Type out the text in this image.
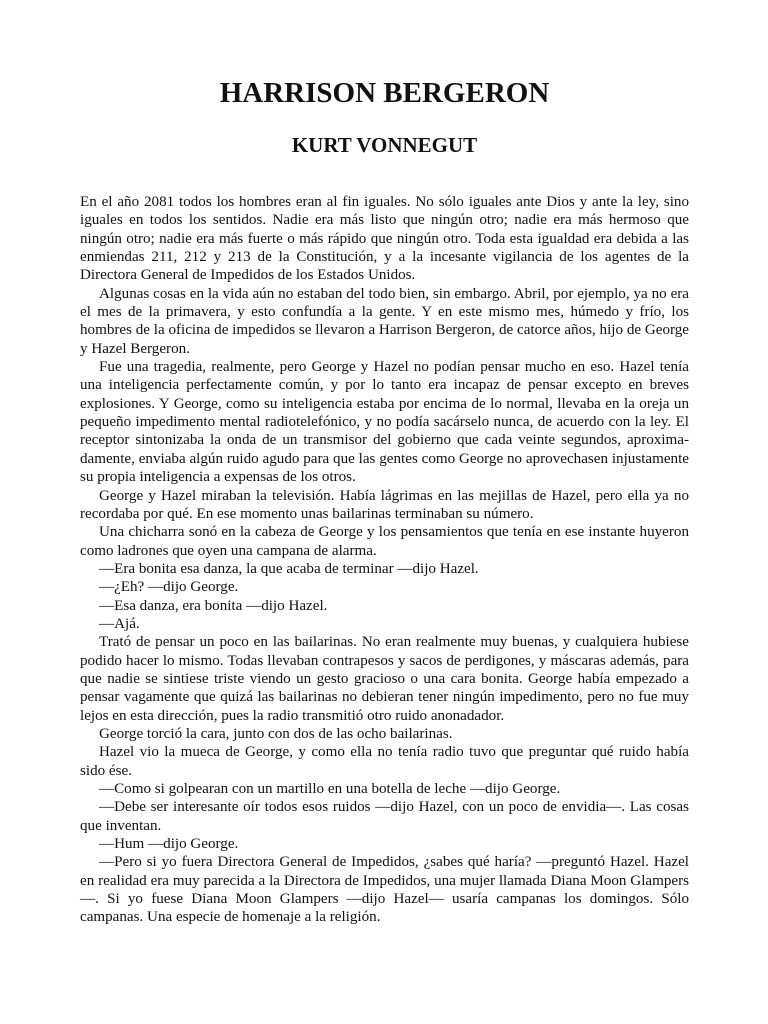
HARRISON BERGERON
KURT VONNEGUT

En el año 2081 todos los hombres eran al fin iguales. No sólo iguales ante Dios y ante la ley, sino iguales en todos los sentidos. Nadie era más listo que ningún otro; nadie era más hermoso que ningún otro; nadie era más fuerte o más rápido que ningún otro. Toda esta igualdad era debida a las enmiendas 211, 212 y 213 de la Constitución, y a la incesante vigilancia de los agentes de la Directora General de Impedidos de los Estados Unidos.

Algunas cosas en la vida aún no estaban del todo bien, sin embargo. Abril, por ejemplo, ya no era el mes de la primavera, y esto confundía a la gente. Y en este mismo mes, húmedo y frío, los hombres de la oficina de impedidos se llevaron a Harrison Bergeron, de catorce años, hijo de George y Hazel Bergeron.

Fue una tragedia, realmente, pero George y Hazel no podían pensar mucho en eso. Hazel tenía una inteligencia perfectamente común, y por lo tanto era incapaz de pensar excepto en breves explosiones. Y George, como su inteligencia estaba por encima de lo normal, llevaba en la oreja un pequeño impedimento mental radiotelefónico, y no podía sacárselo nunca, de acuerdo con la ley. El receptor sintonizaba la onda de un transmisor del gobierno que cada veinte segundos, aproximadamente, enviaba algún ruido agudo para que las gentes como George no aprovechasen injustamente su propia inteligencia a expensas de los otros.

George y Hazel miraban la televisión. Había lágrimas en las mejillas de Hazel, pero ella ya no recordaba por qué. En ese momento unas bailarinas terminaban su número.

Una chicharra sonó en la cabeza de George y los pensamientos que tenía en ese instante huyeron como ladrones que oyen una campana de alarma.

—Era bonita esa danza, la que acaba de terminar —dijo Hazel.

—¿Eh? —dijo George.

—Esa danza, era bonita —dijo Hazel.

—Ajá.

Trató de pensar un poco en las bailarinas. No eran realmente muy buenas, y cualquiera hubiese podido hacer lo mismo. Todas llevaban contrapesos y sacos de perdigones, y máscaras además, para que nadie se sintiese triste viendo un gesto gracioso o una cara bonita. George había empezado a pensar vagamente que quizá las bailarinas no debieran tener ningún impedimento, pero no fue muy lejos en esta dirección, pues la radio transmitió otro ruido anonadador.

George torció la cara, junto con dos de las ocho bailarinas.

Hazel vio la mueca de George, y como ella no tenía radio tuvo que preguntar qué ruido había sido ése.

—Como si golpearan con un martillo en una botella de leche —dijo George.

—Debe ser interesante oír todos esos ruidos —dijo Hazel, con un poco de envidia—. Las cosas que inventan.

—Hum —dijo George.

—Pero si yo fuera Directora General de Impedidos, ¿sabes qué haría? —preguntó Hazel. Hazel en realidad era muy parecida a la Directora de Impedidos, una mujer llamada Diana Moon Glampers—. Si yo fuese Diana Moon Glampers —dijo Hazel— usaría campanas los domingos. Sólo campanas. Una especie de homenaje a la religión.
